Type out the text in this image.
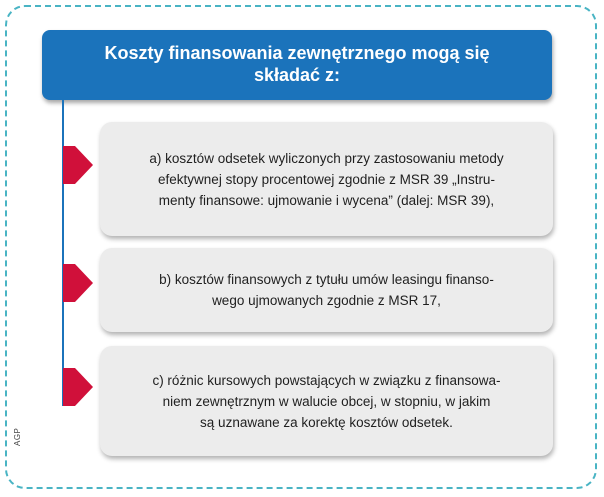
Koszty finansowania zewnętrznego mogą się
składać z:
a) kosztów odsetek wyliczonych przy zastosowaniu metody
efektywnej stopy procentowej zgodnie z MSR 39 „Instru-
menty finansowe: ujmowanie i wycena” (dalej: MSR 39),
b) kosztów finansowych z tytułu umów leasingu finanso-
wego ujmowanych zgodnie z MSR 17,
c) różnic kursowych powstających w związku z finansowa-
niem zewnętrznym w walucie obcej, w stopniu, w jakim
są uznawane za korektę kosztów odsetek.
AGP
